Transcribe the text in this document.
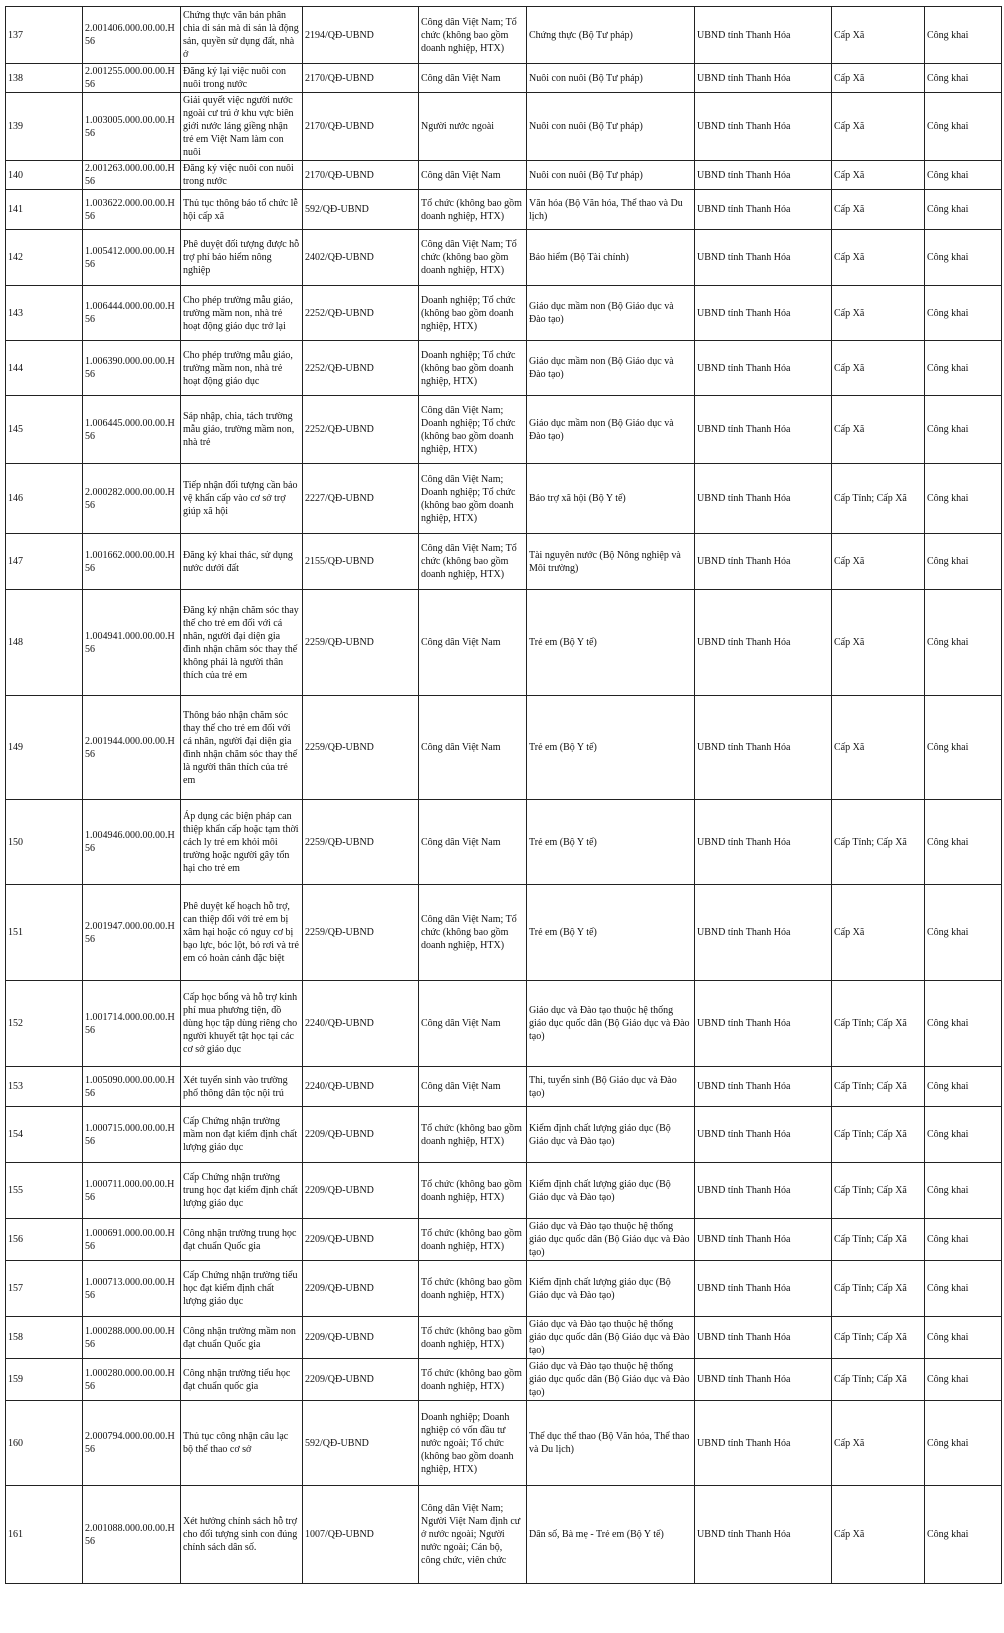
137	2.001406.000.00.00.H56	Chứng thực văn bản phân chia di sản mà di sản là động sản, quyền sử dụng đất, nhà ở	2194/QĐ-UBND	Công dân Việt Nam; Tổ chức (không bao gồm doanh nghiệp, HTX)	Chứng thực (Bộ Tư pháp)	UBND tỉnh Thanh Hóa	Cấp Xã	Công khai
138	2.001255.000.00.00.H56	Đăng ký lại việc nuôi con nuôi trong nước	2170/QĐ-UBND	Công dân Việt Nam	Nuôi con nuôi (Bộ Tư pháp)	UBND tỉnh Thanh Hóa	Cấp Xã	Công khai
139	1.003005.000.00.00.H56	Giải quyết việc người nước ngoài cư trú ở khu vực biên giới nước láng giềng nhận trẻ em Việt Nam làm con nuôi	2170/QĐ-UBND	Người nước ngoài	Nuôi con nuôi (Bộ Tư pháp)	UBND tỉnh Thanh Hóa	Cấp Xã	Công khai
140	2.001263.000.00.00.H56	Đăng ký việc nuôi con nuôi trong nước	2170/QĐ-UBND	Công dân Việt Nam	Nuôi con nuôi (Bộ Tư pháp)	UBND tỉnh Thanh Hóa	Cấp Xã	Công khai
141	1.003622.000.00.00.H56	Thủ tục thông báo tổ chức lễ hội cấp xã	592/QĐ-UBND	Tổ chức (không bao gồm doanh nghiệp, HTX)	Văn hóa (Bộ Văn hóa, Thể thao và Du lịch)	UBND tỉnh Thanh Hóa	Cấp Xã	Công khai
142	1.005412.000.00.00.H56	Phê duyệt đối tượng được hỗ trợ phí bảo hiểm nông nghiệp	2402/QĐ-UBND	Công dân Việt Nam; Tổ chức (không bao gồm doanh nghiệp, HTX)	Bảo hiểm (Bộ Tài chính)	UBND tỉnh Thanh Hóa	Cấp Xã	Công khai
143	1.006444.000.00.00.H56	Cho phép trường mẫu giáo, trường mầm non, nhà trẻ hoạt động giáo dục trở lại	2252/QĐ-UBND	Doanh nghiệp; Tổ chức (không bao gồm doanh nghiệp, HTX)	Giáo dục mầm non (Bộ Giáo dục và Đào tạo)	UBND tỉnh Thanh Hóa	Cấp Xã	Công khai
144	1.006390.000.00.00.H56	Cho phép trường mẫu giáo, trường mầm non, nhà trẻ hoạt động giáo dục	2252/QĐ-UBND	Doanh nghiệp; Tổ chức (không bao gồm doanh nghiệp, HTX)	Giáo dục mầm non (Bộ Giáo dục và Đào tạo)	UBND tỉnh Thanh Hóa	Cấp Xã	Công khai
145	1.006445.000.00.00.H56	Sáp nhập, chia, tách trường mẫu giáo, trường mầm non, nhà trẻ	2252/QĐ-UBND	Công dân Việt Nam; Doanh nghiệp; Tổ chức (không bao gồm doanh nghiệp, HTX)	Giáo dục mầm non (Bộ Giáo dục và Đào tạo)	UBND tỉnh Thanh Hóa	Cấp Xã	Công khai
146	2.000282.000.00.00.H56	Tiếp nhận đối tượng cần bảo vệ khẩn cấp vào cơ sở trợ giúp xã hội	2227/QĐ-UBND	Công dân Việt Nam; Doanh nghiệp; Tổ chức (không bao gồm doanh nghiệp, HTX)	Bảo trợ xã hội (Bộ Y tế)	UBND tỉnh Thanh Hóa	Cấp Tỉnh; Cấp Xã	Công khai
147	1.001662.000.00.00.H56	Đăng ký khai thác, sử dụng nước dưới đất	2155/QĐ-UBND	Công dân Việt Nam; Tổ chức (không bao gồm doanh nghiệp, HTX)	Tài nguyên nước (Bộ Nông nghiệp và Môi trường)	UBND tỉnh Thanh Hóa	Cấp Xã	Công khai
148	1.004941.000.00.00.H56	Đăng ký nhận chăm sóc thay thế cho trẻ em đối với cá nhân, người đại diện gia đình nhận chăm sóc thay thế không phải là người thân thích của trẻ em	2259/QĐ-UBND	Công dân Việt Nam	Trẻ em (Bộ Y tế)	UBND tỉnh Thanh Hóa	Cấp Xã	Công khai
149	2.001944.000.00.00.H56	Thông báo nhận chăm sóc thay thế cho trẻ em đối với cá nhân, người đại diện gia đình nhận chăm sóc thay thế là người thân thích của trẻ em	2259/QĐ-UBND	Công dân Việt Nam	Trẻ em (Bộ Y tế)	UBND tỉnh Thanh Hóa	Cấp Xã	Công khai
150	1.004946.000.00.00.H56	Áp dụng các biện pháp can thiệp khẩn cấp hoặc tạm thời cách ly trẻ em khỏi môi trường hoặc người gây tổn hại cho trẻ em	2259/QĐ-UBND	Công dân Việt Nam	Trẻ em (Bộ Y tế)	UBND tỉnh Thanh Hóa	Cấp Tỉnh; Cấp Xã	Công khai
151	2.001947.000.00.00.H56	Phê duyệt kế hoạch hỗ trợ, can thiệp đối với trẻ em bị xâm hại hoặc có nguy cơ bị bạo lực, bóc lột, bỏ rơi và trẻ em có hoàn cảnh đặc biệt	2259/QĐ-UBND	Công dân Việt Nam; Tổ chức (không bao gồm doanh nghiệp, HTX)	Trẻ em (Bộ Y tế)	UBND tỉnh Thanh Hóa	Cấp Xã	Công khai
152	1.001714.000.00.00.H56	Cấp học bổng và hỗ trợ kinh phí mua phương tiện, đồ dùng học tập dùng riêng cho người khuyết tật học tại các cơ sở giáo dục	2240/QĐ-UBND	Công dân Việt Nam	Giáo dục và Đào tạo thuộc hệ thống giáo dục quốc dân (Bộ Giáo dục và Đào tạo)	UBND tỉnh Thanh Hóa	Cấp Tỉnh; Cấp Xã	Công khai
153	1.005090.000.00.00.H56	Xét tuyển sinh vào trường phổ thông dân tộc nội trú	2240/QĐ-UBND	Công dân Việt Nam	Thi, tuyển sinh (Bộ Giáo dục và Đào tạo)	UBND tỉnh Thanh Hóa	Cấp Tỉnh; Cấp Xã	Công khai
154	1.000715.000.00.00.H56	Cấp Chứng nhận trường mầm non đạt kiểm định chất lượng giáo dục	2209/QĐ-UBND	Tổ chức (không bao gồm doanh nghiệp, HTX)	Kiểm định chất lượng giáo dục (Bộ Giáo dục và Đào tạo)	UBND tỉnh Thanh Hóa	Cấp Tỉnh; Cấp Xã	Công khai
155	1.000711.000.00.00.H56	Cấp Chứng nhận trường trung học đạt kiểm định chất lượng giáo dục	2209/QĐ-UBND	Tổ chức (không bao gồm doanh nghiệp, HTX)	Kiểm định chất lượng giáo dục (Bộ Giáo dục và Đào tạo)	UBND tỉnh Thanh Hóa	Cấp Tỉnh; Cấp Xã	Công khai
156	1.000691.000.00.00.H56	Công nhận trường trung học đạt chuẩn Quốc gia	2209/QĐ-UBND	Tổ chức (không bao gồm doanh nghiệp, HTX)	Giáo dục và Đào tạo thuộc hệ thống giáo dục quốc dân (Bộ Giáo dục và Đào tạo)	UBND tỉnh Thanh Hóa	Cấp Tỉnh; Cấp Xã	Công khai
157	1.000713.000.00.00.H56	Cấp Chứng nhận trường tiểu học đạt kiểm định chất lượng giáo dục	2209/QĐ-UBND	Tổ chức (không bao gồm doanh nghiệp, HTX)	Kiểm định chất lượng giáo dục (Bộ Giáo dục và Đào tạo)	UBND tỉnh Thanh Hóa	Cấp Tỉnh; Cấp Xã	Công khai
158	1.000288.000.00.00.H56	Công nhận trường mầm non đạt chuẩn Quốc gia	2209/QĐ-UBND	Tổ chức (không bao gồm doanh nghiệp, HTX)	Giáo dục và Đào tạo thuộc hệ thống giáo dục quốc dân (Bộ Giáo dục và Đào tạo)	UBND tỉnh Thanh Hóa	Cấp Tỉnh; Cấp Xã	Công khai
159	1.000280.000.00.00.H56	Công nhận trường tiểu học đạt chuẩn quốc gia	2209/QĐ-UBND	Tổ chức (không bao gồm doanh nghiệp, HTX)	Giáo dục và Đào tạo thuộc hệ thống giáo dục quốc dân (Bộ Giáo dục và Đào tạo)	UBND tỉnh Thanh Hóa	Cấp Tỉnh; Cấp Xã	Công khai
160	2.000794.000.00.00.H56	Thủ tục công nhận câu lạc bộ thể thao cơ sở	592/QĐ-UBND	Doanh nghiệp; Doanh nghiệp có vốn đầu tư nước ngoài; Tổ chức (không bao gồm doanh nghiệp, HTX)	Thể dục thể thao (Bộ Văn hóa, Thể thao và Du lịch)	UBND tỉnh Thanh Hóa	Cấp Xã	Công khai
161	2.001088.000.00.00.H56	Xét hưởng chính sách hỗ trợ cho đối tượng sinh con đúng chính sách dân số.	1007/QĐ-UBND	Công dân Việt Nam; Người Việt Nam định cư ở nước ngoài; Người nước ngoài; Cán bộ, công chức, viên chức	Dân số, Bà mẹ - Trẻ em (Bộ Y tế)	UBND tỉnh Thanh Hóa	Cấp Xã	Công khai
